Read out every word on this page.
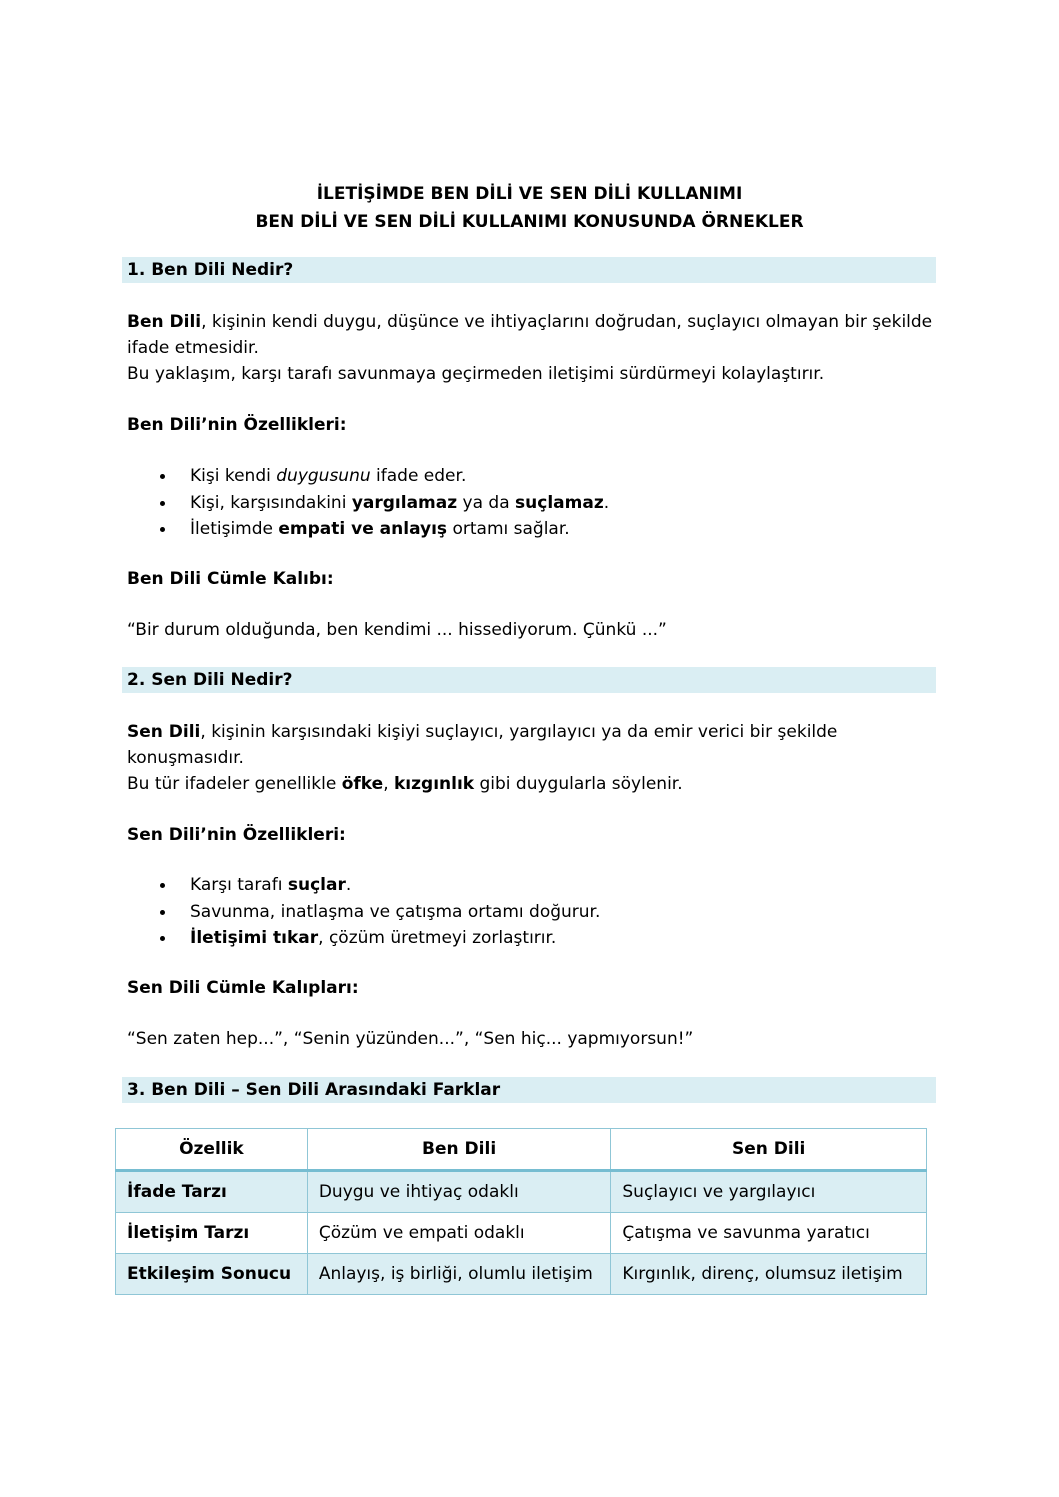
İLETİŞİMDE BEN DİLİ VE SEN DİLİ KULLANIMI
BEN DİLİ VE SEN DİLİ KULLANIMI KONUSUNDA ÖRNEKLER
1. Ben Dili Nedir?
Ben Dili, kişinin kendi duygu, düşünce ve ihtiyaçlarını doğrudan, suçlayıcı olmayan bir şekilde ifade etmesidir.
Bu yaklaşım, karşı tarafı savunmaya geçirmeden iletişimi sürdürmeyi kolaylaştırır.
Ben Dili’nin Özellikleri:
Kişi kendi duygusunu ifade eder.
Kişi, karşısındakini yargılamaz ya da suçlamaz.
İletişimde empati ve anlayış ortamı sağlar.
Ben Dili Cümle Kalıbı:
“Bir durum olduğunda, ben kendimi ... hissediyorum. Çünkü ...”
2. Sen Dili Nedir?
Sen Dili, kişinin karşısındaki kişiyi suçlayıcı, yargılayıcı ya da emir verici bir şekilde konuşmasıdır.
Bu tür ifadeler genellikle öfke, kızgınlık gibi duygularla söylenir.
Sen Dili’nin Özellikleri:
Karşı tarafı suçlar.
Savunma, inatlaşma ve çatışma ortamı doğurur.
İletişimi tıkar, çözüm üretmeyi zorlaştırır.
Sen Dili Cümle Kalıpları:
“Sen zaten hep...”, “Senin yüzünden...”, “Sen hiç... yapmıyorsun!”
3. Ben Dili – Sen Dili Arasındaki Farklar
Özellik	Ben Dili	Sen Dili
İfade Tarzı	Duygu ve ihtiyaç odaklı	Suçlayıcı ve yargılayıcı
İletişim Tarzı	Çözüm ve empati odaklı	Çatışma ve savunma yaratıcı
Etkileşim Sonucu	Anlayış, iş birliği, olumlu iletişim	Kırgınlık, direnç, olumsuz iletişim
